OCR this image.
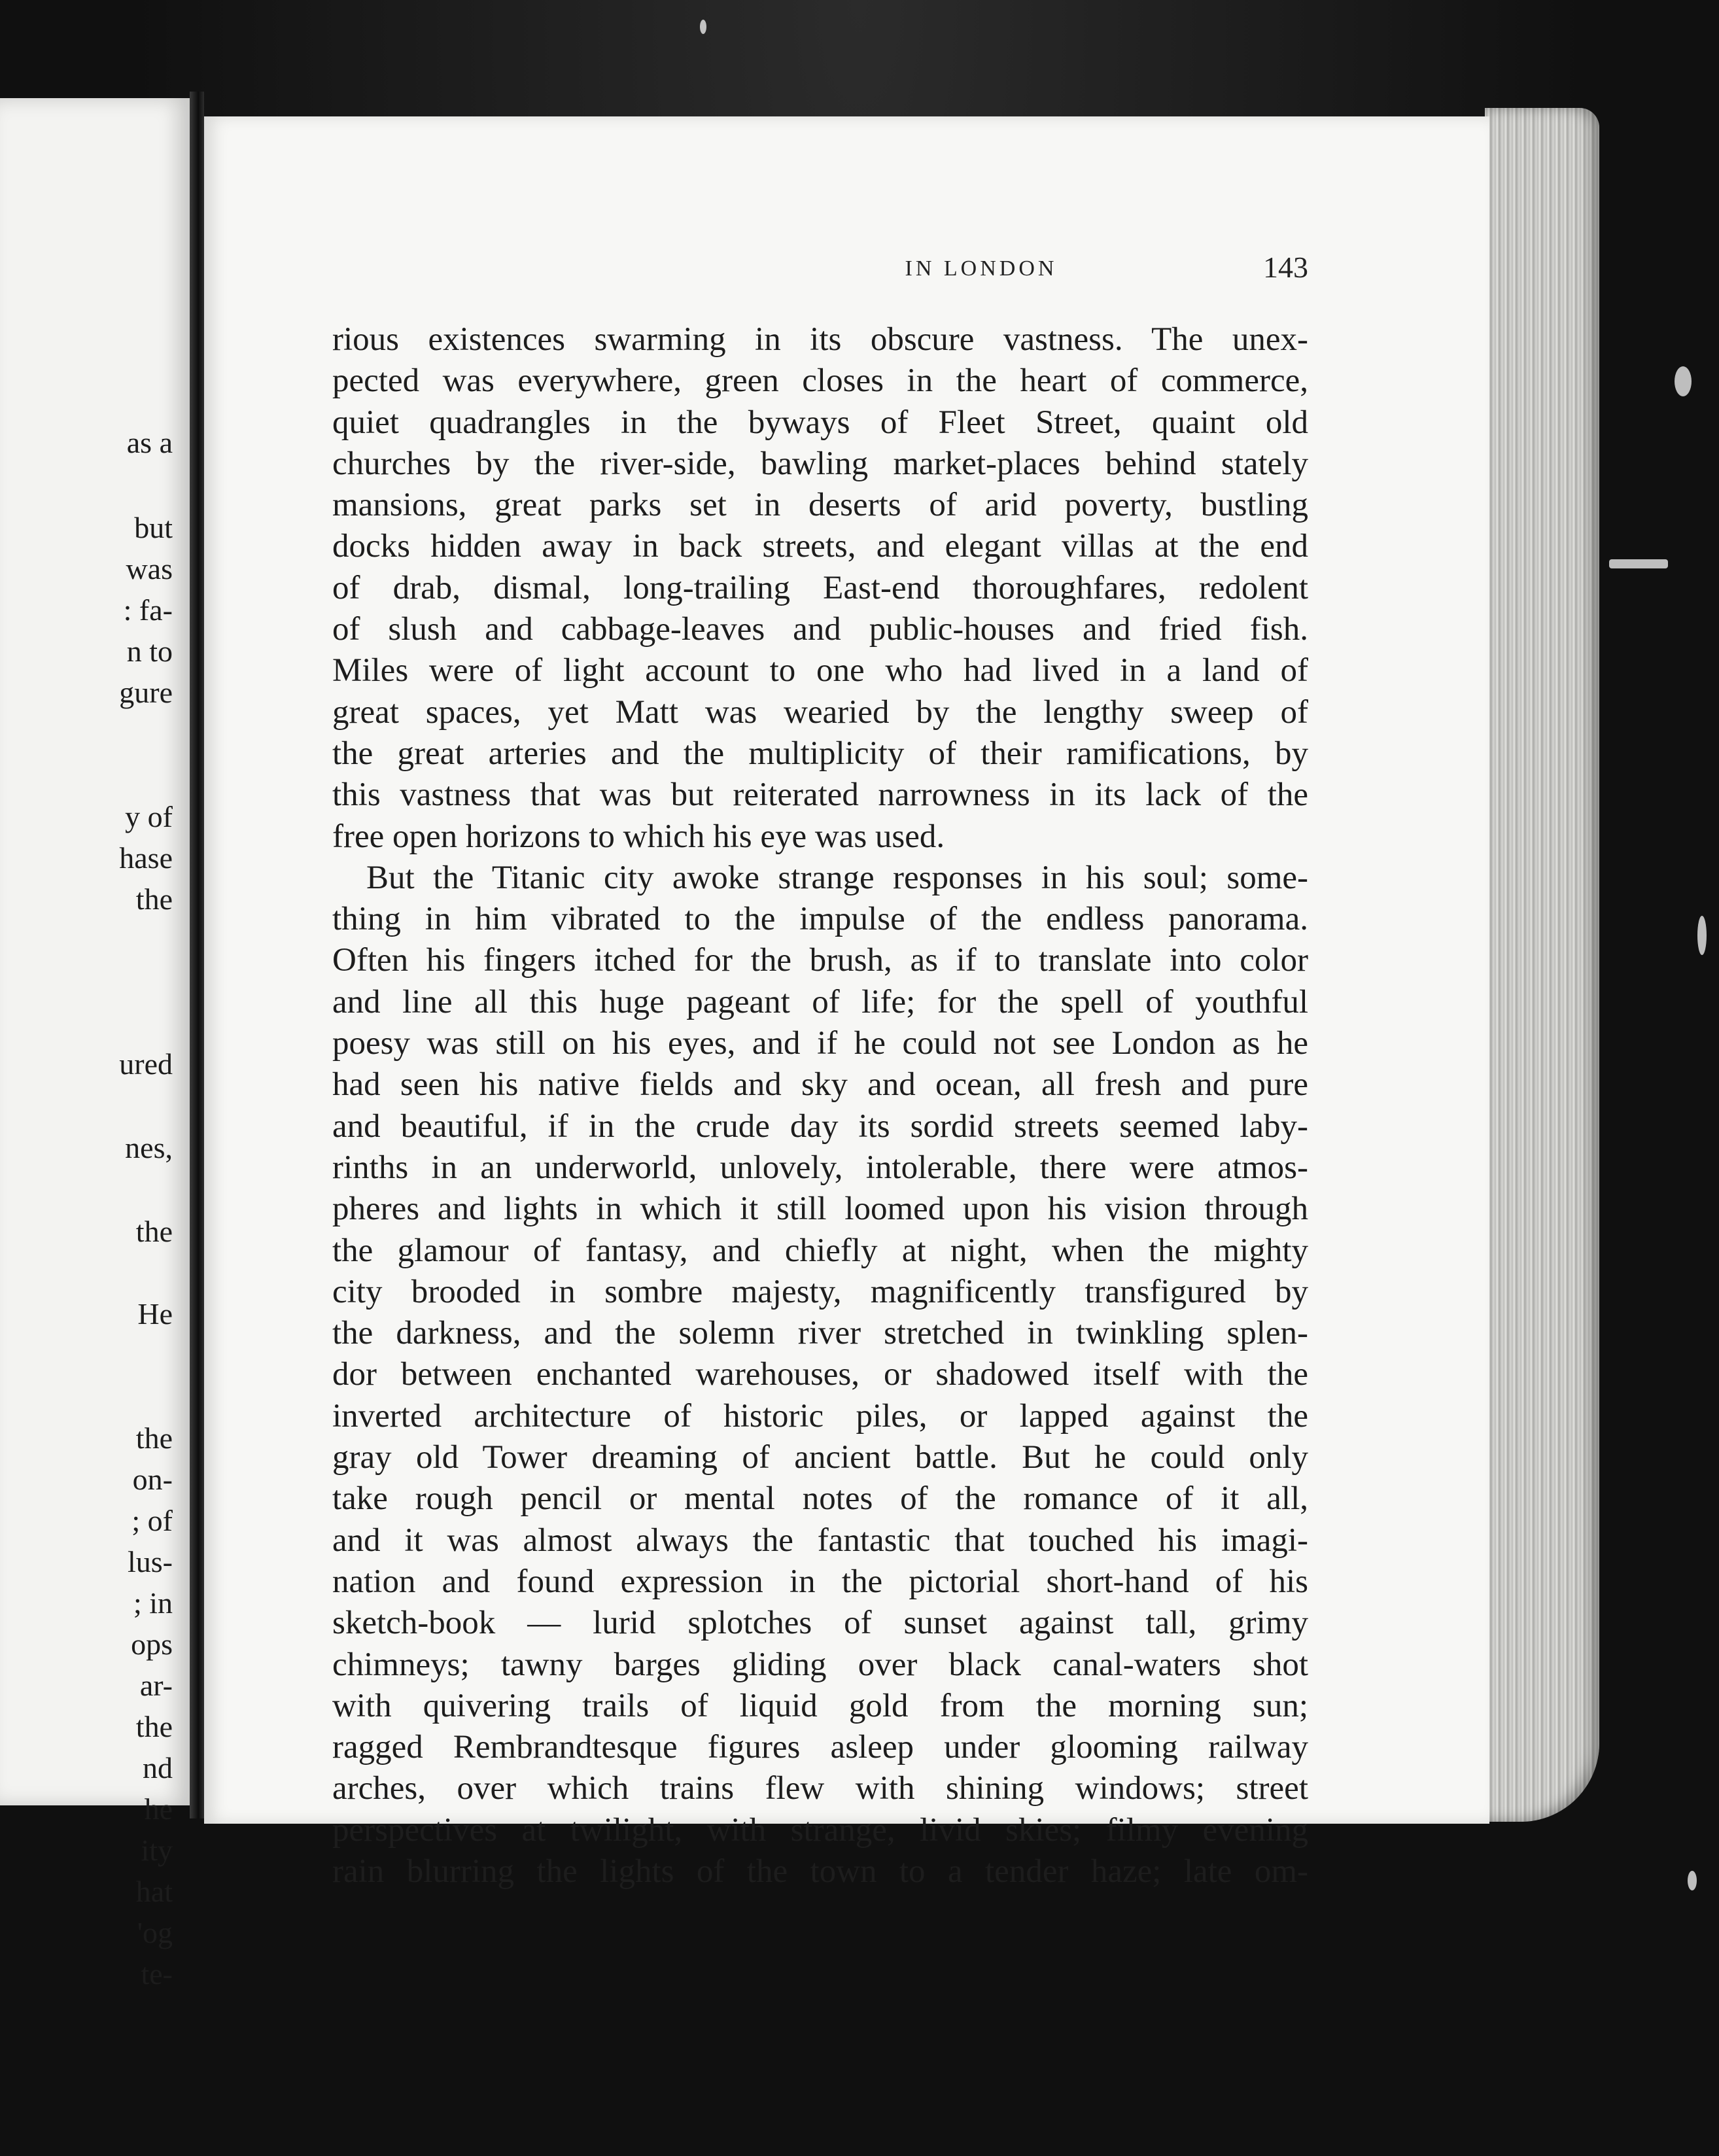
as a

but

was

: fa-

n to

gure

y of

hase

the

ured

nes,

the

He

the

on-

; of

lus-

; in

ops

ar-

the

nd

he

ity

hat

'og

te-

IN LONDON	143

rious existences swarming in its obscure vastness. The unex-

pected was everywhere, green closes in the heart of commerce,

quiet quadrangles in the byways of Fleet Street, quaint old

churches by the river-side, bawling market-places behind stately

mansions, great parks set in deserts of arid poverty, bustling

docks hidden away in back streets, and elegant villas at the end

of drab, dismal, long-trailing East-end thoroughfares, redolent

of slush and cabbage-leaves and public-houses and fried fish.

Miles were of light account to one who had lived in a land of

great spaces, yet Matt was wearied by the lengthy sweep of

the great arteries and the multiplicity of their ramifications, by

this vastness that was but reiterated narrowness in its lack of the

free open horizons to which his eye was used.

But the Titanic city awoke strange responses in his soul; some-

thing in him vibrated to the impulse of the endless panorama.

Often his fingers itched for the brush, as if to translate into color

and line all this huge pageant of life; for the spell of youthful

poesy was still on his eyes, and if he could not see London as he

had seen his native fields and sky and ocean, all fresh and pure

and beautiful, if in the crude day its sordid streets seemed laby-

rinths in an underworld, unlovely, intolerable, there were atmos-

pheres and lights in which it still loomed upon his vision through

the glamour of fantasy, and chiefly at night, when the mighty

city brooded in sombre majesty, magnificently transfigured by

the darkness, and the solemn river stretched in twinkling splen-

dor between enchanted warehouses, or shadowed itself with the

inverted architecture of historic piles, or lapped against the

gray old Tower dreaming of ancient battle. But he could only

take rough pencil or mental notes of the romance of it all,

and it was almost always the fantastic that touched his imagi-

nation and found expression in the pictorial short-hand of his

sketch-book — lurid splotches of sunset against tall, grimy

chimneys; tawny barges gliding over black canal-waters shot

with quivering trails of liquid gold from the morning sun;

ragged Rembrandtesque figures asleep under glooming railway

arches, over which trains flew with shining windows; street

perspectives at twilight, with strange, livid skies; filmy evening

rain blurring the lights of the town to a tender haze; late om-
